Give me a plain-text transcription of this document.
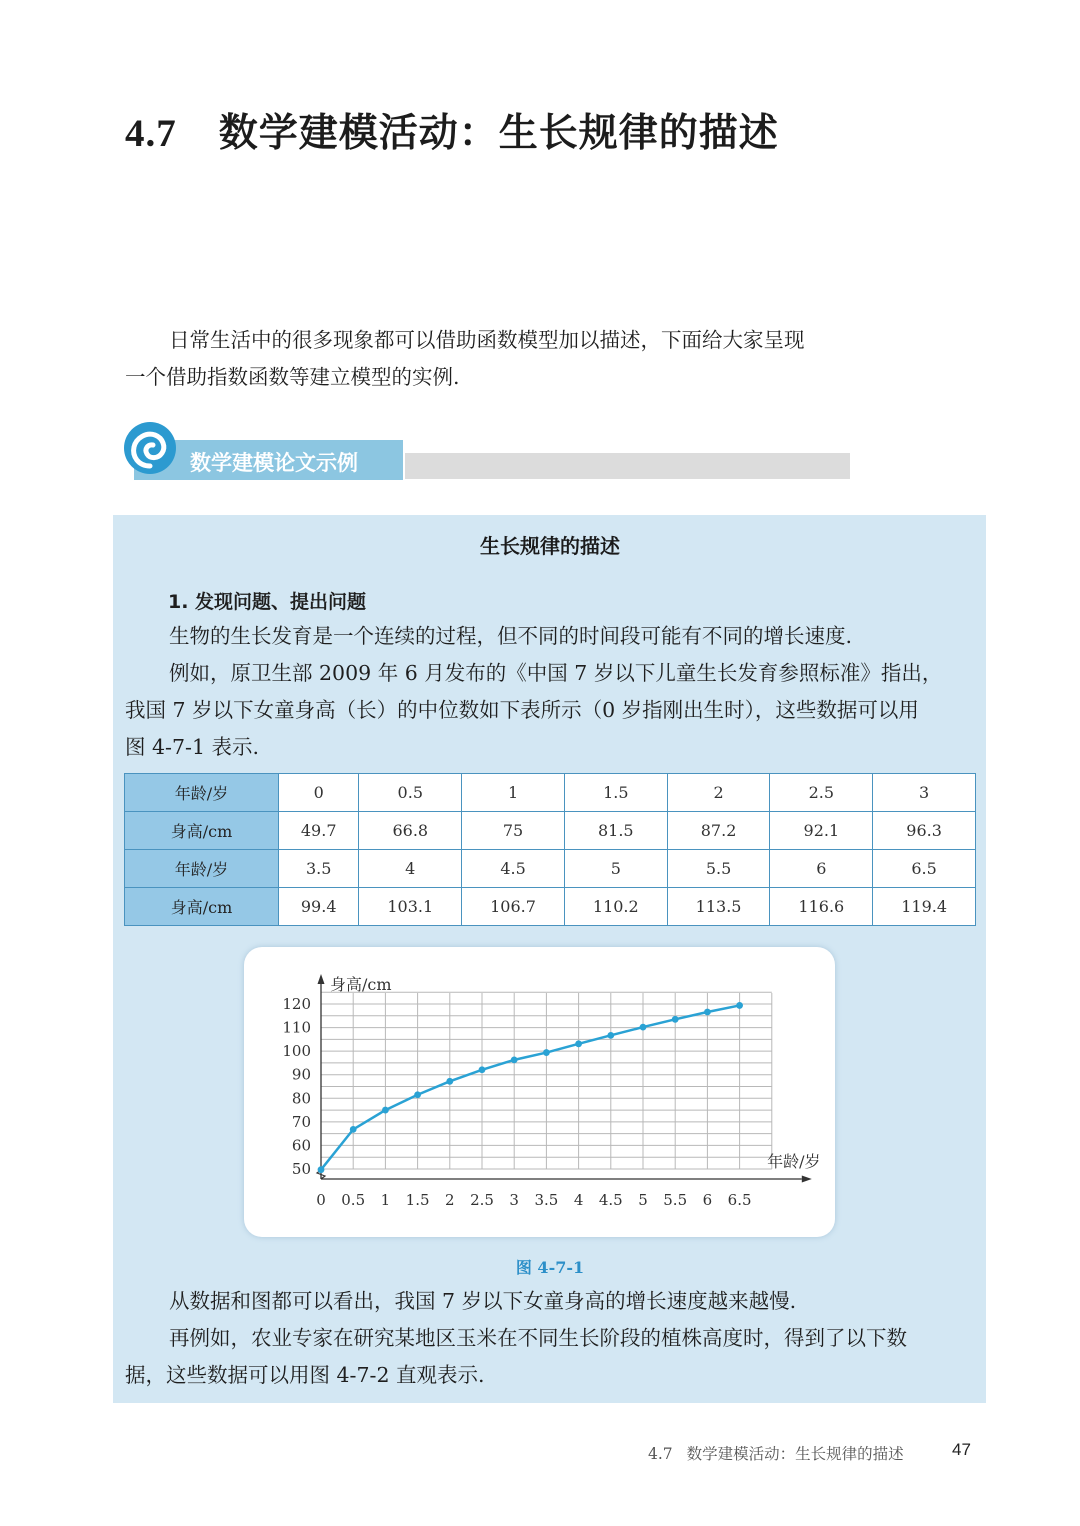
4.7 数学建模活动：生长规律的描述

日常生活中的很多现象都可以借助函数模型加以描述，下面给大家呈现

一个借助指数函数等建立模型的实例.

数学建模论文示例
生长规律的描述
1. 发现问题、提出问题

生物的生长发育是一个连续的过程，但不同的时间段可能有不同的增长速度.

例如，原卫生部 2009 年 6 月发布的《中国 7 岁以下儿童生长发育参照标准》指出，

我国 7 岁以下女童身高（长）的中位数如下表所示（0 岁指刚出生时），这些数据可以用

图 4-7-1 表示.

年龄/岁	0	0.5	1	1.5	2	2.5	3
身高/cm	49.7	66.8	75	81.5	87.2	92.1	96.3
年龄/岁	3.5	4	4.5	5	5.5	6	6.5
身高/cm	99.4	103.1	106.7	110.2	113.5	116.6	119.4
50
60
70
80
90
100
110
120
0 0.5 1 1.5 2 2.5 3 3.5 4 4.5 5 5.5 6 6.5
身高/cm
年龄/岁
图 4-7-1

从数据和图都可以看出，我国 7 岁以下女童身高的增长速度越来越慢.

再例如，农业专家在研究某地区玉米在不同生长阶段的植株高度时，得到了以下数

据，这些数据可以用图 4-7-2 直观表示.

4.7 数学建模活动：生长规律的描述	47
